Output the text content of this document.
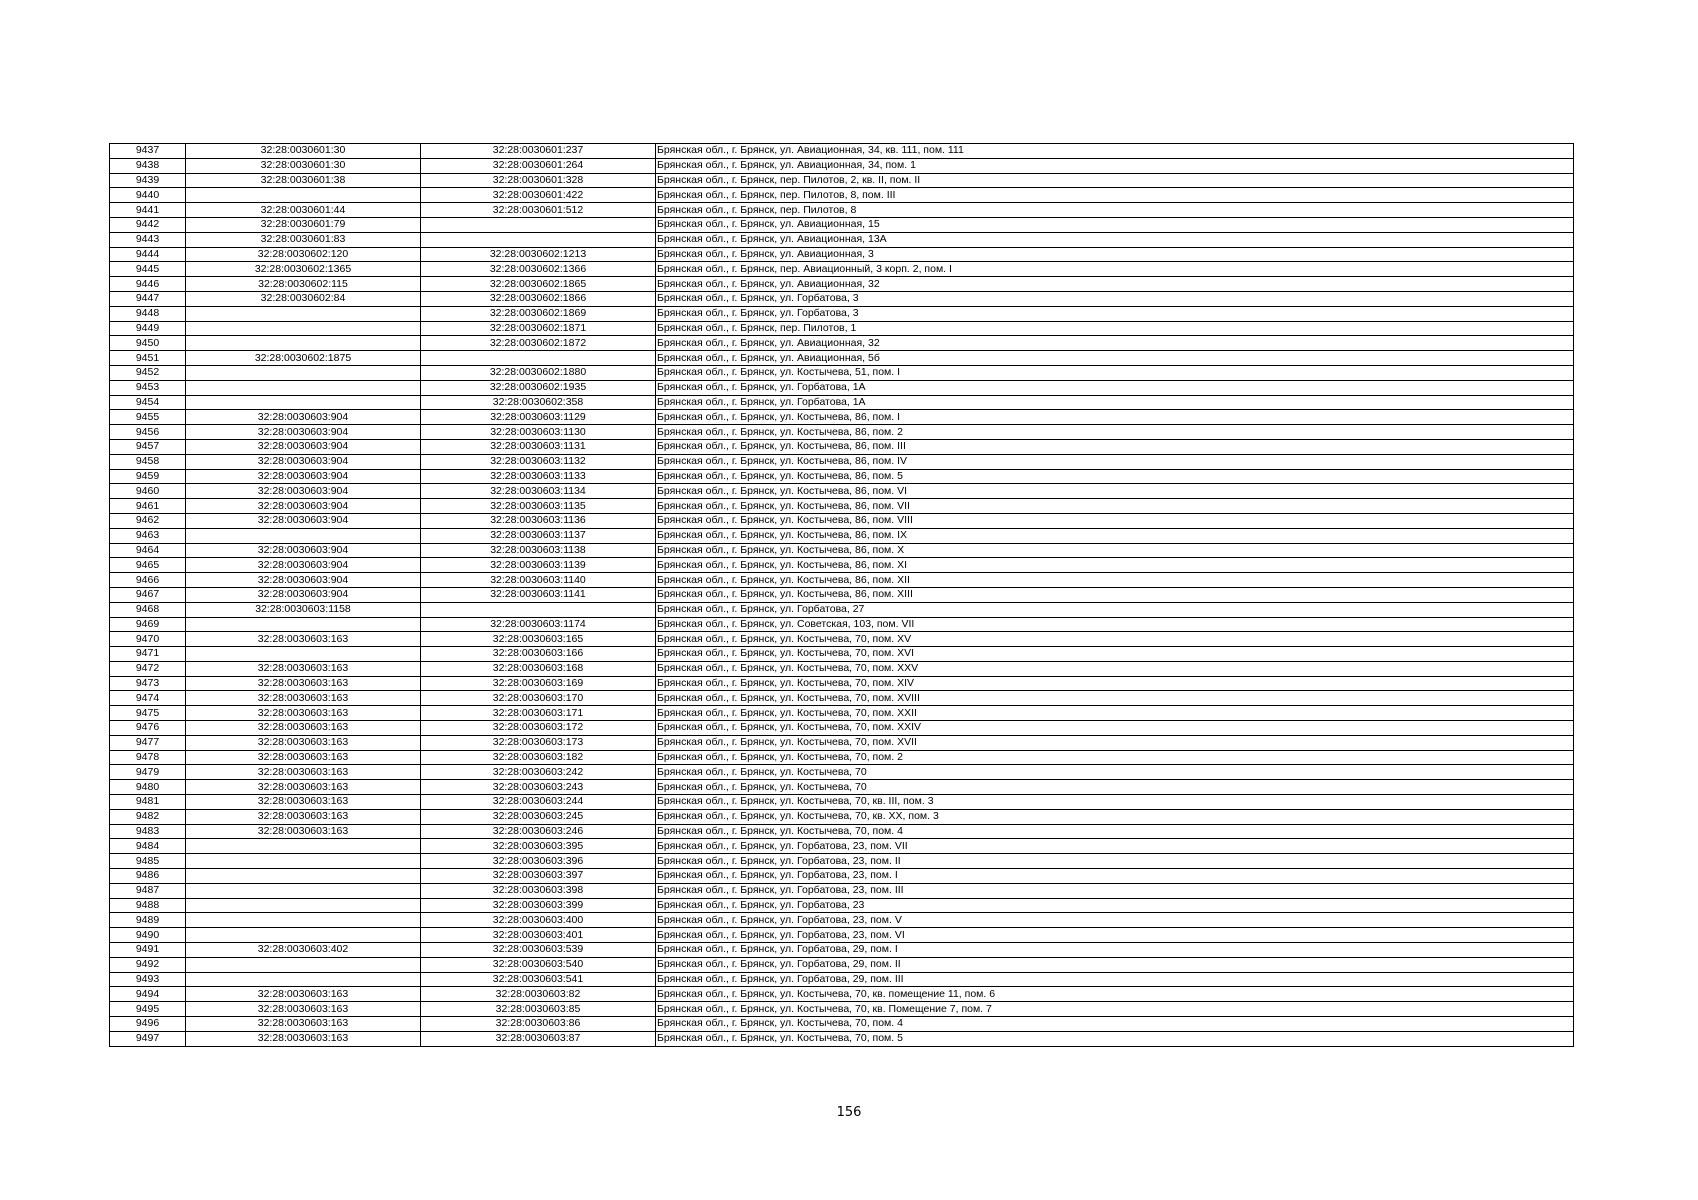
9437	32:28:0030601:30	32:28:0030601:237	Брянская обл., г. Брянск, ул. Авиационная, 34, кв. 111, пом. 111
9438	32:28:0030601:30	32:28:0030601:264	Брянская обл., г. Брянск, ул. Авиационная, 34, пом. 1
9439	32:28:0030601:38	32:28:0030601:328	Брянская обл., г. Брянск, пер. Пилотов, 2, кв. II, пом. II
9440		32:28:0030601:422	Брянская обл., г. Брянск, пер. Пилотов, 8, пом. III
9441	32:28:0030601:44	32:28:0030601:512	Брянская обл., г. Брянск, пер. Пилотов, 8
9442	32:28:0030601:79		Брянская обл., г. Брянск, ул. Авиационная, 15
9443	32:28:0030601:83		Брянская обл., г. Брянск, ул. Авиационная, 13А
9444	32:28:0030602:120	32:28:0030602:1213	Брянская обл., г. Брянск, ул. Авиационная, 3
9445	32:28:0030602:1365	32:28:0030602:1366	Брянская обл., г. Брянск, пер. Авиационный, 3 корп. 2, пом. I
9446	32:28:0030602:115	32:28:0030602:1865	Брянская обл., г. Брянск, ул. Авиационная, 32
9447	32:28:0030602:84	32:28:0030602:1866	Брянская обл., г. Брянск, ул. Горбатова, 3
9448		32:28:0030602:1869	Брянская обл., г. Брянск, ул. Горбатова, 3
9449		32:28:0030602:1871	Брянская обл., г. Брянск, пер. Пилотов, 1
9450		32:28:0030602:1872	Брянская обл., г. Брянск, ул. Авиационная, 32
9451	32:28:0030602:1875		Брянская обл., г. Брянск, ул. Авиационная, 5б
9452		32:28:0030602:1880	Брянская обл., г. Брянск, ул. Костычева, 51, пом. I
9453		32:28:0030602:1935	Брянская обл., г. Брянск, ул. Горбатова, 1А
9454		32:28:0030602:358	Брянская обл., г. Брянск, ул. Горбатова, 1А
9455	32:28:0030603:904	32:28:0030603:1129	Брянская обл., г. Брянск, ул. Костычева, 86, пом. I
9456	32:28:0030603:904	32:28:0030603:1130	Брянская обл., г. Брянск, ул. Костычева, 86, пом. 2
9457	32:28:0030603:904	32:28:0030603:1131	Брянская обл., г. Брянск, ул. Костычева, 86, пом. III
9458	32:28:0030603:904	32:28:0030603:1132	Брянская обл., г. Брянск, ул. Костычева, 86, пом. IV
9459	32:28:0030603:904	32:28:0030603:1133	Брянская обл., г. Брянск, ул. Костычева, 86, пом. 5
9460	32:28:0030603:904	32:28:0030603:1134	Брянская обл., г. Брянск, ул. Костычева, 86, пом. VI
9461	32:28:0030603:904	32:28:0030603:1135	Брянская обл., г. Брянск, ул. Костычева, 86, пом. VII
9462	32:28:0030603:904	32:28:0030603:1136	Брянская обл., г. Брянск, ул. Костычева, 86, пом. VIII
9463		32:28:0030603:1137	Брянская обл., г. Брянск, ул. Костычева, 86, пом. IX
9464	32:28:0030603:904	32:28:0030603:1138	Брянская обл., г. Брянск, ул. Костычева, 86, пом. X
9465	32:28:0030603:904	32:28:0030603:1139	Брянская обл., г. Брянск, ул. Костычева, 86, пом. XI
9466	32:28:0030603:904	32:28:0030603:1140	Брянская обл., г. Брянск, ул. Костычева, 86, пом. XII
9467	32:28:0030603:904	32:28:0030603:1141	Брянская обл., г. Брянск, ул. Костычева, 86, пом. XIII
9468	32:28:0030603:1158		Брянская обл., г. Брянск, ул. Горбатова, 27
9469		32:28:0030603:1174	Брянская обл., г. Брянск, ул. Советская, 103, пом. VII
9470	32:28:0030603:163	32:28:0030603:165	Брянская обл., г. Брянск, ул. Костычева, 70, пом. XV
9471		32:28:0030603:166	Брянская обл., г. Брянск, ул. Костычева, 70, пом. XVI
9472	32:28:0030603:163	32:28:0030603:168	Брянская обл., г. Брянск, ул. Костычева, 70, пом. XXV
9473	32:28:0030603:163	32:28:0030603:169	Брянская обл., г. Брянск, ул. Костычева, 70, пом. XIV
9474	32:28:0030603:163	32:28:0030603:170	Брянская обл., г. Брянск, ул. Костычева, 70, пом. XVIII
9475	32:28:0030603:163	32:28:0030603:171	Брянская обл., г. Брянск, ул. Костычева, 70, пом. XXII
9476	32:28:0030603:163	32:28:0030603:172	Брянская обл., г. Брянск, ул. Костычева, 70, пом. XXIV
9477	32:28:0030603:163	32:28:0030603:173	Брянская обл., г. Брянск, ул. Костычева, 70, пом. XVII
9478	32:28:0030603:163	32:28:0030603:182	Брянская обл., г. Брянск, ул. Костычева, 70, пом. 2
9479	32:28:0030603:163	32:28:0030603:242	Брянская обл., г. Брянск, ул. Костычева, 70
9480	32:28:0030603:163	32:28:0030603:243	Брянская обл., г. Брянск, ул. Костычева, 70
9481	32:28:0030603:163	32:28:0030603:244	Брянская обл., г. Брянск, ул. Костычева, 70, кв. III, пом. 3
9482	32:28:0030603:163	32:28:0030603:245	Брянская обл., г. Брянск, ул. Костычева, 70, кв. XX, пом. 3
9483	32:28:0030603:163	32:28:0030603:246	Брянская обл., г. Брянск, ул. Костычева, 70, пом. 4
9484		32:28:0030603:395	Брянская обл., г. Брянск, ул. Горбатова, 23, пом. VII
9485		32:28:0030603:396	Брянская обл., г. Брянск, ул. Горбатова, 23, пом. II
9486		32:28:0030603:397	Брянская обл., г. Брянск, ул. Горбатова, 23, пом. I
9487		32:28:0030603:398	Брянская обл., г. Брянск, ул. Горбатова, 23, пом. III
9488		32:28:0030603:399	Брянская обл., г. Брянск, ул. Горбатова, 23
9489		32:28:0030603:400	Брянская обл., г. Брянск, ул. Горбатова, 23, пом. V
9490		32:28:0030603:401	Брянская обл., г. Брянск, ул. Горбатова, 23, пом. VI
9491	32:28:0030603:402	32:28:0030603:539	Брянская обл., г. Брянск, ул. Горбатова, 29, пом. I
9492		32:28:0030603:540	Брянская обл., г. Брянск, ул. Горбатова, 29, пом. II
9493		32:28:0030603:541	Брянская обл., г. Брянск, ул. Горбатова, 29, пом. III
9494	32:28:0030603:163	32:28:0030603:82	Брянская обл., г. Брянск, ул. Костычева, 70, кв. помещение 11, пом. 6
9495	32:28:0030603:163	32:28:0030603:85	Брянская обл., г. Брянск, ул. Костычева, 70, кв. Помещение 7, пом. 7
9496	32:28:0030603:163	32:28:0030603:86	Брянская обл., г. Брянск, ул. Костычева, 70, пом. 4
9497	32:28:0030603:163	32:28:0030603:87	Брянская обл., г. Брянск, ул. Костычева, 70, пом. 5
156
